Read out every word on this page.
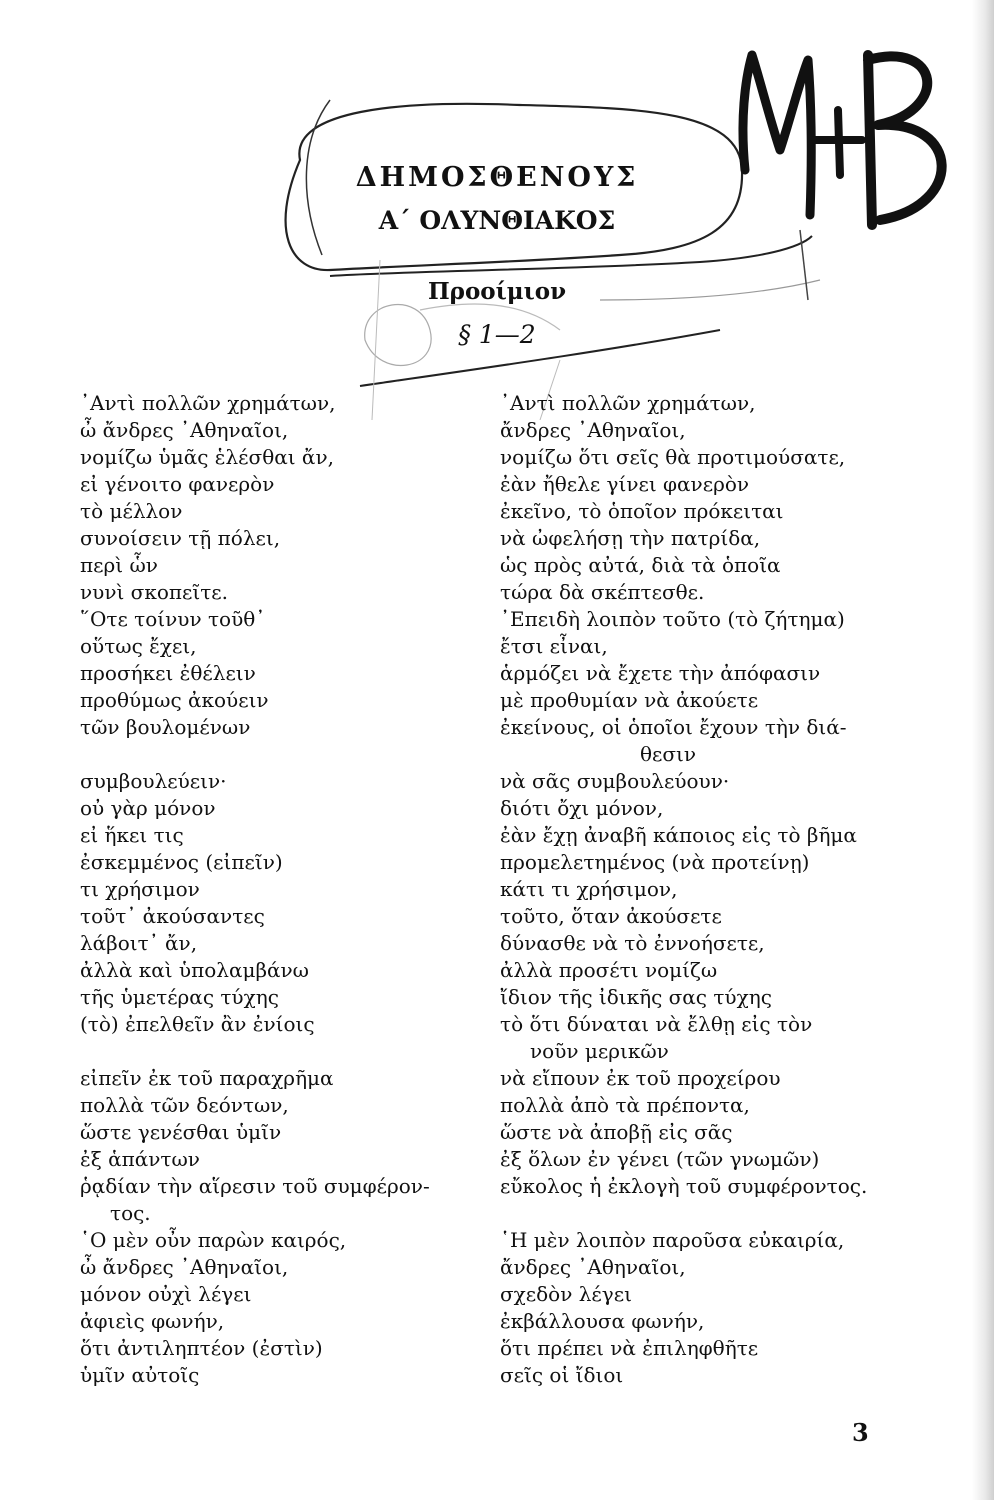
ΔΗΜΟΣΘΕΝΟΥΣ
Α΄ ΟΛΥΝΘΙΑΚΟΣ
Προοίμιον
§ 1—2
᾿Αντὶ πολλῶν χρημάτων,
ὦ ἄνδρες ᾿Αθηναῖοι,
νομίζω ὑμᾶς ἑλέσθαι ἄν,
εἰ γένοιτο φανερὸν
τὸ μέλλον
συνοίσειν τῇ πόλει,
περὶ ὧν
νυνὶ σκοπεῖτε.
῞Οτε τοίνυν τοῦθ᾿
οὕτως ἔχει,
προσήκει ἐθέλειν
προθύμως ἀκούειν
τῶν βουλομένων
συμβουλεύειν·
οὐ γὰρ μόνον
εἰ ἥκει τις
ἐσκεμμένος (εἰπεῖν)
τι χρήσιμον
τοῦτ᾿ ἀκούσαντες
λάβοιτ᾿ ἄν,
ἀλλὰ καὶ ὑπολαμβάνω
τῆς ὑμετέρας τύχης
(τὸ) ἐπελθεῖν ἂν ἐνίοις
εἰπεῖν ἐκ τοῦ παραχρῆμα
πολλὰ τῶν δεόντων,
ὥστε γενέσθαι ὑμῖν
ἐξ ἁπάντων
ῥᾳδίαν τὴν αἵρεσιν τοῦ συμφέρον-
τος.
῾Ο μὲν οὖν παρὼν καιρός,
ὦ ἄνδρες ᾿Αθηναῖοι,
μόνον οὐχὶ λέγει
ἀφιεὶς φωνήν,
ὅτι ἀντιληπτέον (ἐστὶν)
ὑμῖν αὐτοῖς
᾿Αντὶ πολλῶν χρημάτων,
ἄνδρες ᾿Αθηναῖοι,
νομίζω ὅτι σεῖς θὰ προτιμούσατε,
ἐὰν ἤθελε γίνει φανερὸν
ἐκεῖνο, τὸ ὁποῖον πρόκειται
νὰ ὠφελήσῃ τὴν πατρίδα,
ὡς πρὸς αὐτά, διὰ τὰ ὁποῖα
τώρα δὰ σκέπτεσθε.
᾿Επειδὴ λοιπὸν τοῦτο (τὸ ζήτημα)
ἔτσι εἶναι,
ἁρμόζει νὰ ἔχετε τὴν ἀπόφασιν
μὲ προθυμίαν νὰ ἀκούετε
ἐκείνους, οἱ ὁποῖοι ἔχουν τὴν διά-
θεσιν
νὰ σᾶς συμβουλεύουν·
διότι ὄχι μόνον,
ἐὰν ἔχῃ ἀναβῆ κάποιος εἰς τὸ βῆμα
προμελετημένος (νὰ προτείνῃ)
κάτι τι χρήσιμον,
τοῦτο, ὅταν ἀκούσετε
δύνασθε νὰ τὸ ἐννοήσετε,
ἀλλὰ προσέτι νομίζω
ἴδιον τῆς ἰδικῆς σας τύχης
τὸ ὅτι δύναται νὰ ἔλθῃ εἰς τὸν
νοῦν μερικῶν
νὰ εἴπουν ἐκ τοῦ προχείρου
πολλὰ ἀπὸ τὰ πρέποντα,
ὥστε νὰ ἀποβῇ εἰς σᾶς
ἐξ ὅλων ἐν γένει (τῶν γνωμῶν)
εὔκολος ἡ ἐκλογὴ τοῦ συμφέροντος.
῾Η μὲν λοιπὸν παροῦσα εὐκαιρία,
ἄνδρες ᾿Αθηναῖοι,
σχεδὸν λέγει
ἐκβάλλουσα φωνήν,
ὅτι πρέπει νὰ ἐπιληφθῆτε
σεῖς οἱ ἴδιοι
3
